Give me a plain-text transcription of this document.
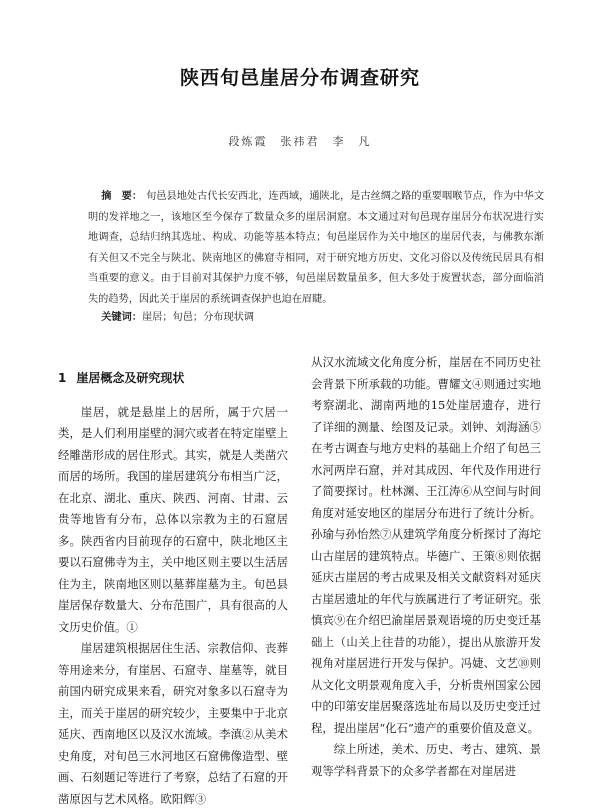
陕西旬邑崖居分布调查研究
段炼霞　张祎君　李　凡
摘　要： 旬邑县地处古代长安西北，连西域，通陕北，是古丝绸之路的重要咽喉节点，作为中华文明的发祥地之一，该地区至今保存了数量众多的崖居洞窟。本文通过对旬邑现存崖居分布状况进行实地调查，总结归纳其选址、构成、功能等基本特点；旬邑崖居作为关中地区的崖居代表，与佛教东渐有关但又不完全与陕北、陕南地区的佛窟寺相同，对于研究地方历史、文化习俗以及传统民居具有相当重要的意义。由于目前对其保护力度不够，旬邑崖居数量虽多，但大多处于废置状态，部分面临消失的趋势，因此关于崖居的系统调查保护也迫在眉睫。
关键词：崖居；旬邑；分布现状调
1 崖居概念及研究现状

崖居，就是悬崖上的居所，属于穴居一类，是人们利用崖壁的洞穴或者在特定崖壁上经雕凿形成的居住形式。其实，就是人类凿穴而居的场所。我国的崖居建筑分布相当广泛，在北京、湖北、重庆、陕西、河南、甘肃、云贵等地皆有分布，总体以宗教为主的石窟居多。陕西省内目前现存的石窟中，陕北地区主要以石窟佛寺为主，关中地区则主要以生活居住为主，陕南地区则以墓葬崖墓为主。旬邑县崖居保存数量大、分布范围广，具有很高的人文历史价值。①

崖居建筑根据居住生活、宗教信仰、丧葬等用途来分，有崖居、石窟寺、崖墓等，就目前国内研究成果来看，研究对象多以石窟寺为主，而关于崖居的研究较少，主要集中于北京延庆、西南地区以及汉水流域。李滇②从美术史角度，对旬邑三水河地区石窟佛像造型、壁画、石刻题记等进行了考察，总结了石窟的开凿原因与艺术风格。欧阳辉③

从汉水流域文化角度分析，崖居在不同历史社会背景下所承载的功能。曹耀文④则通过实地考察湖北、湖南两地的15处崖居遗存，进行了详细的测量、绘图及记录。刘钟、刘海涵⑤在考古调查与地方史料的基础上介绍了旬邑三水河两岸石窟，并对其成因、年代及作用进行了简要探讨。杜林渊、王江涛⑥从空间与时间角度对延安地区的崖居分布进行了统计分析。孙瑜与孙怡然⑦从建筑学角度分析探讨了海坨山古崖居的建筑特点。毕德广、王策⑧则依据延庆古崖居的考古成果及相关文献资料对延庆古崖居遗址的年代与族属进行了考证研究。张慎宾⑨在介绍巴渝崖居景观语境的历史变迁基础上（山关上往昔的功能），提出从旅游开发视角对崖居进行开发与保护。冯婕、文艺⑩则从文化文明景观角度入手，分析贵州国家公园中的印第安崖居聚落选址布局以及历史变迁过程，提出崖居“化石”遗产的重要价值及意义。

综上所述，美术、历史、考古、建筑、景观等学科背景下的众多学者都在对崖居进
